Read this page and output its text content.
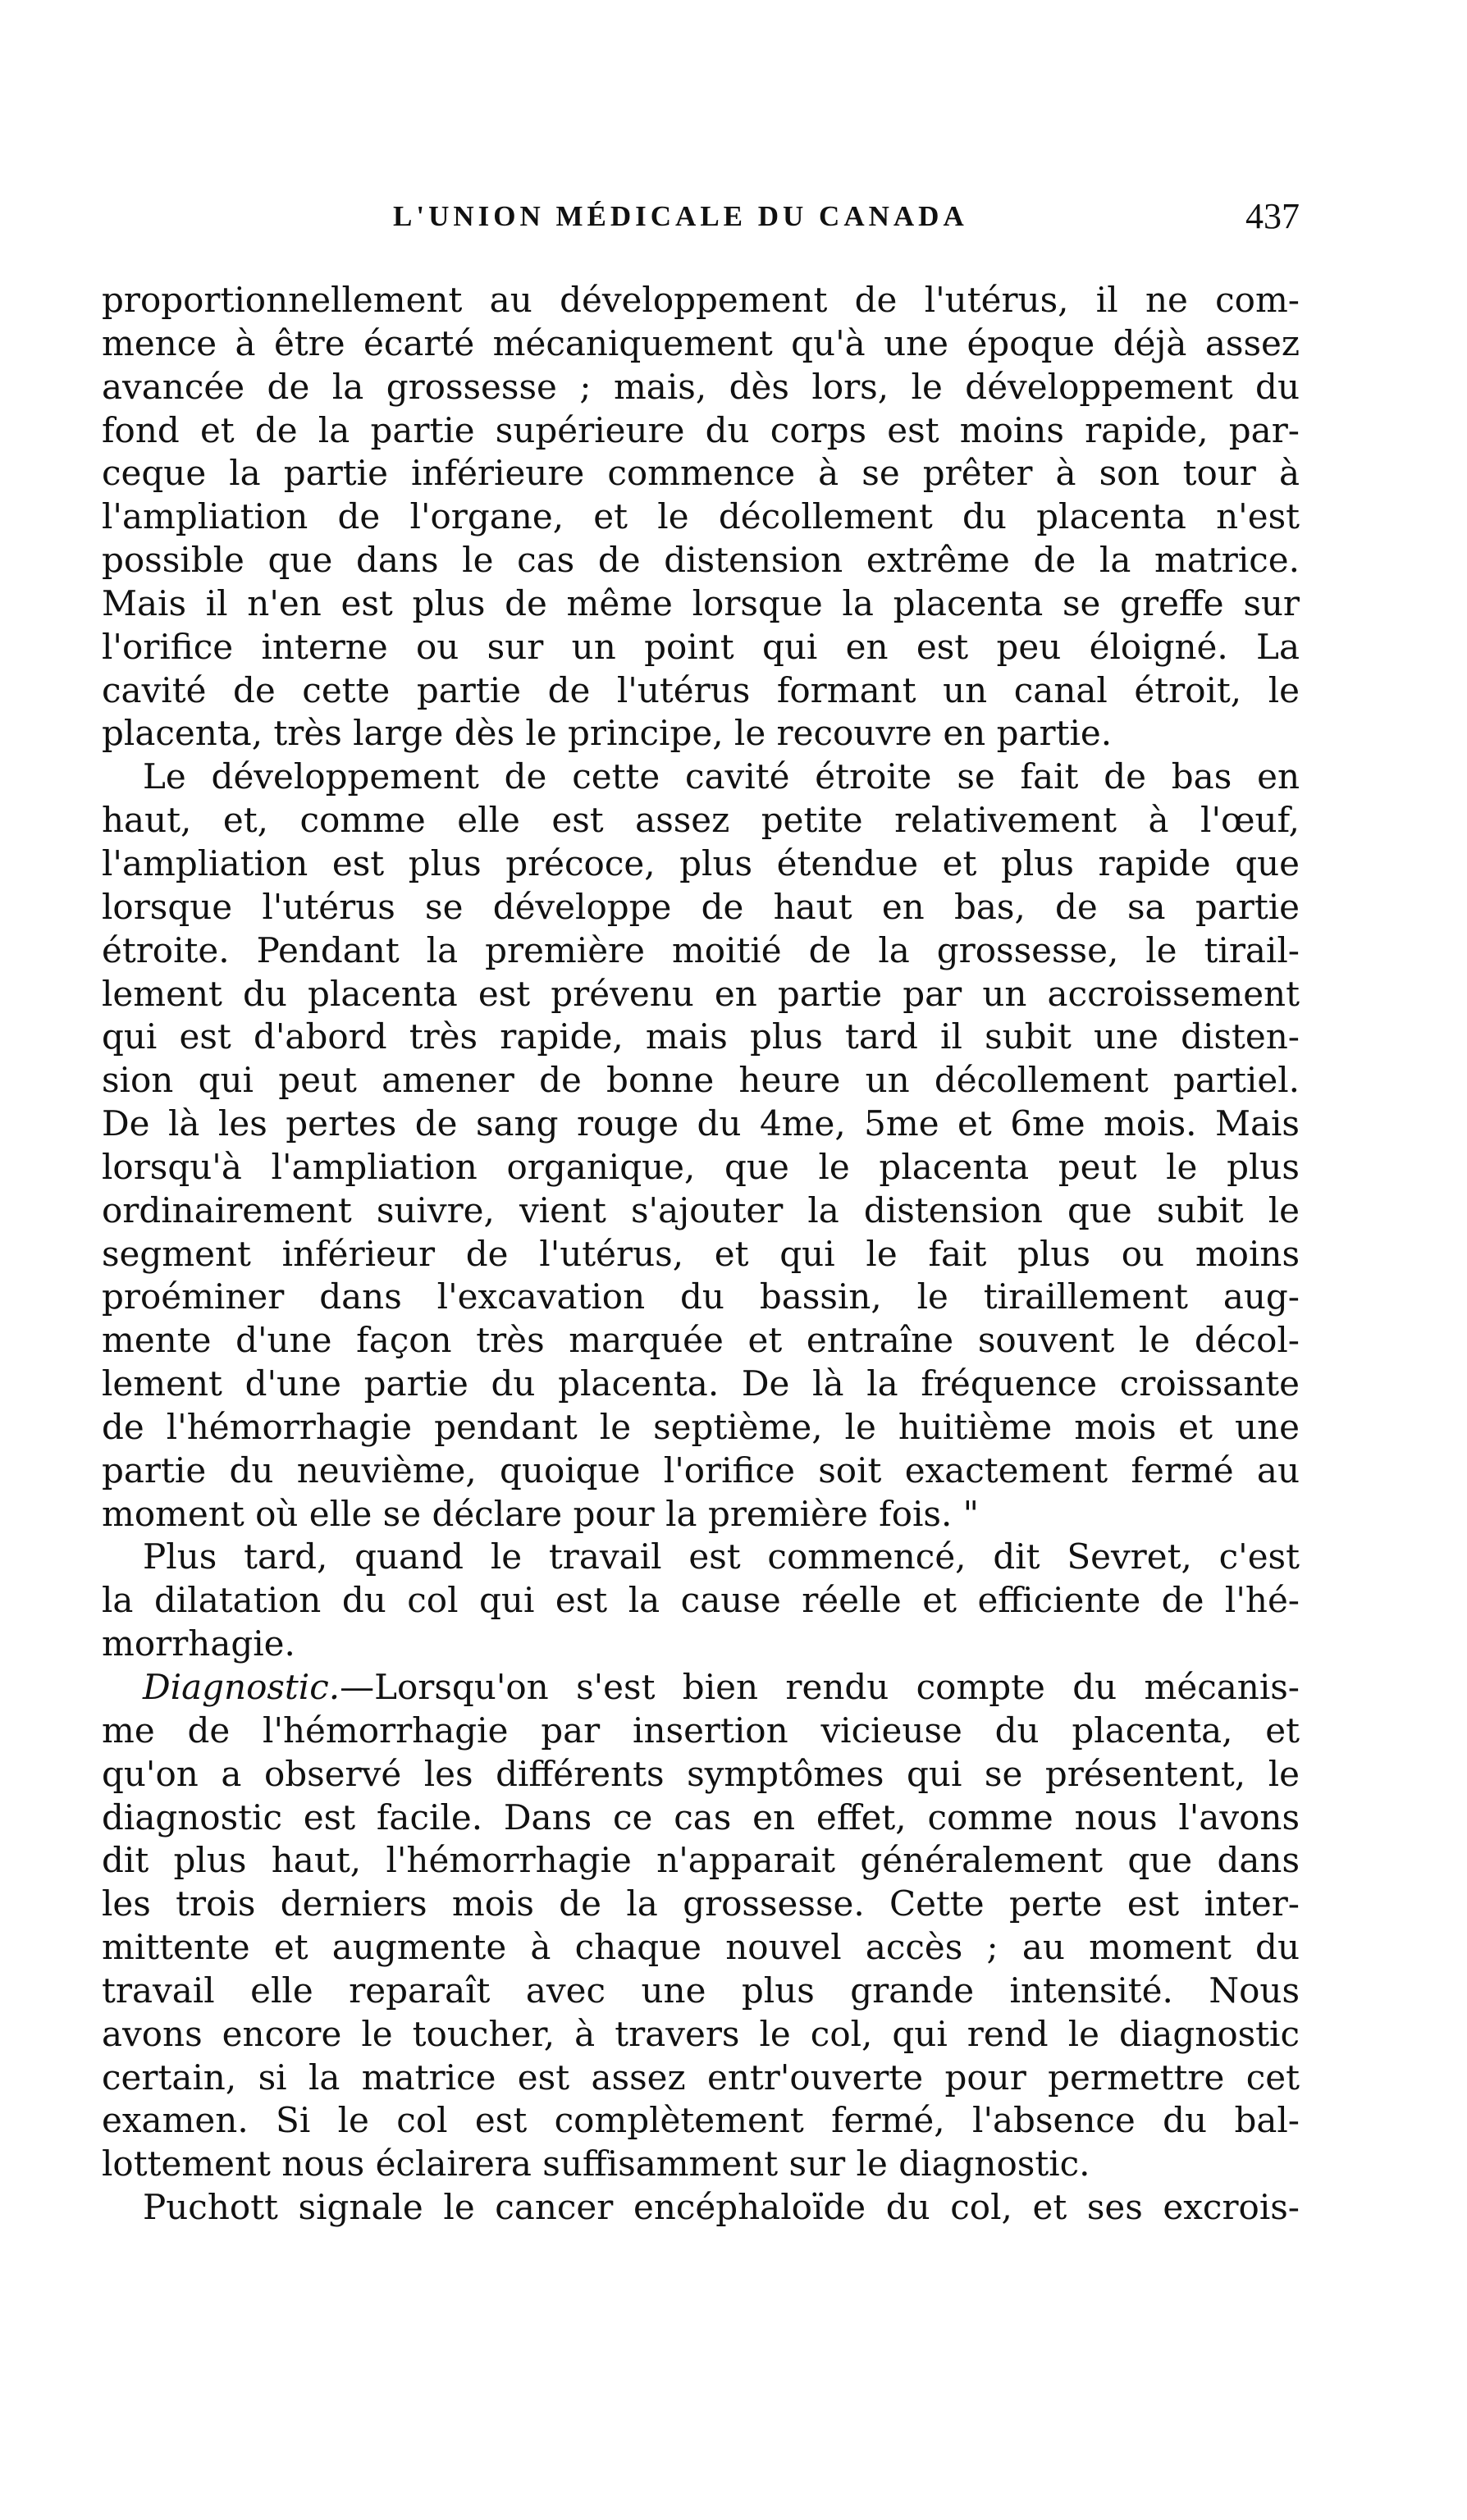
L'UNION MÉDICALE DU CANADA	437
proportionnellement au développement de l'utérus, il ne com-
mence à être écarté mécaniquement qu'à une époque déjà assez
avancée de la grossesse ; mais, dès lors, le développement du
fond et de la partie supérieure du corps est moins rapide, par-
ceque la partie inférieure commence à se prêter à son tour à
l'ampliation de l'organe, et le décollement du placenta n'est
possible que dans le cas de distension extrême de la matrice.
Mais il n'en est plus de même lorsque la placenta se greffe sur
l'orifice interne ou sur un point qui en est peu éloigné. La
cavité de cette partie de l'utérus formant un canal étroit, le
placenta, très large dès le principe, le recouvre en partie.
Le développement de cette cavité étroite se fait de bas en
haut, et, comme elle est assez petite relativement à l'œuf,
l'ampliation est plus précoce, plus étendue et plus rapide que
lorsque l'utérus se développe de haut en bas, de sa partie
étroite. Pendant la première moitié de la grossesse, le tirail-
lement du placenta est prévenu en partie par un accroissement
qui est d'abord très rapide, mais plus tard il subit une disten-
sion qui peut amener de bonne heure un décollement partiel.
De là les pertes de sang rouge du 4me, 5me et 6me mois. Mais
lorsqu'à l'ampliation organique, que le placenta peut le plus
ordinairement suivre, vient s'ajouter la distension que subit le
segment inférieur de l'utérus, et qui le fait plus ou moins
proéminer dans l'excavation du bassin, le tiraillement aug-
mente d'une façon très marquée et entraîne souvent le décol-
lement d'une partie du placenta. De là la fréquence croissante
de l'hémorrhagie pendant le septième, le huitième mois et une
partie du neuvième, quoique l'orifice soit exactement fermé au
moment où elle se déclare pour la première fois. "
Plus tard, quand le travail est commencé, dit Sevret, c'est
la dilatation du col qui est la cause réelle et efficiente de l'hé-
morrhagie.
Diagnostic.—Lorsqu'on s'est bien rendu compte du mécanis-
me de l'hémorrhagie par insertion vicieuse du placenta, et
qu'on a observé les différents symptômes qui se présentent, le
diagnostic est facile. Dans ce cas en effet, comme nous l'avons
dit plus haut, l'hémorrhagie n'apparait généralement que dans
les trois derniers mois de la grossesse. Cette perte est inter-
mittente et augmente à chaque nouvel accès ; au moment du
travail elle reparaît avec une plus grande intensité. Nous
avons encore le toucher, à travers le col, qui rend le diagnostic
certain, si la matrice est assez entr'ouverte pour permettre cet
examen. Si le col est complètement fermé, l'absence du bal-
lottement nous éclairera suffisamment sur le diagnostic.
Puchott signale le cancer encéphaloïde du col, et ses excrois-
